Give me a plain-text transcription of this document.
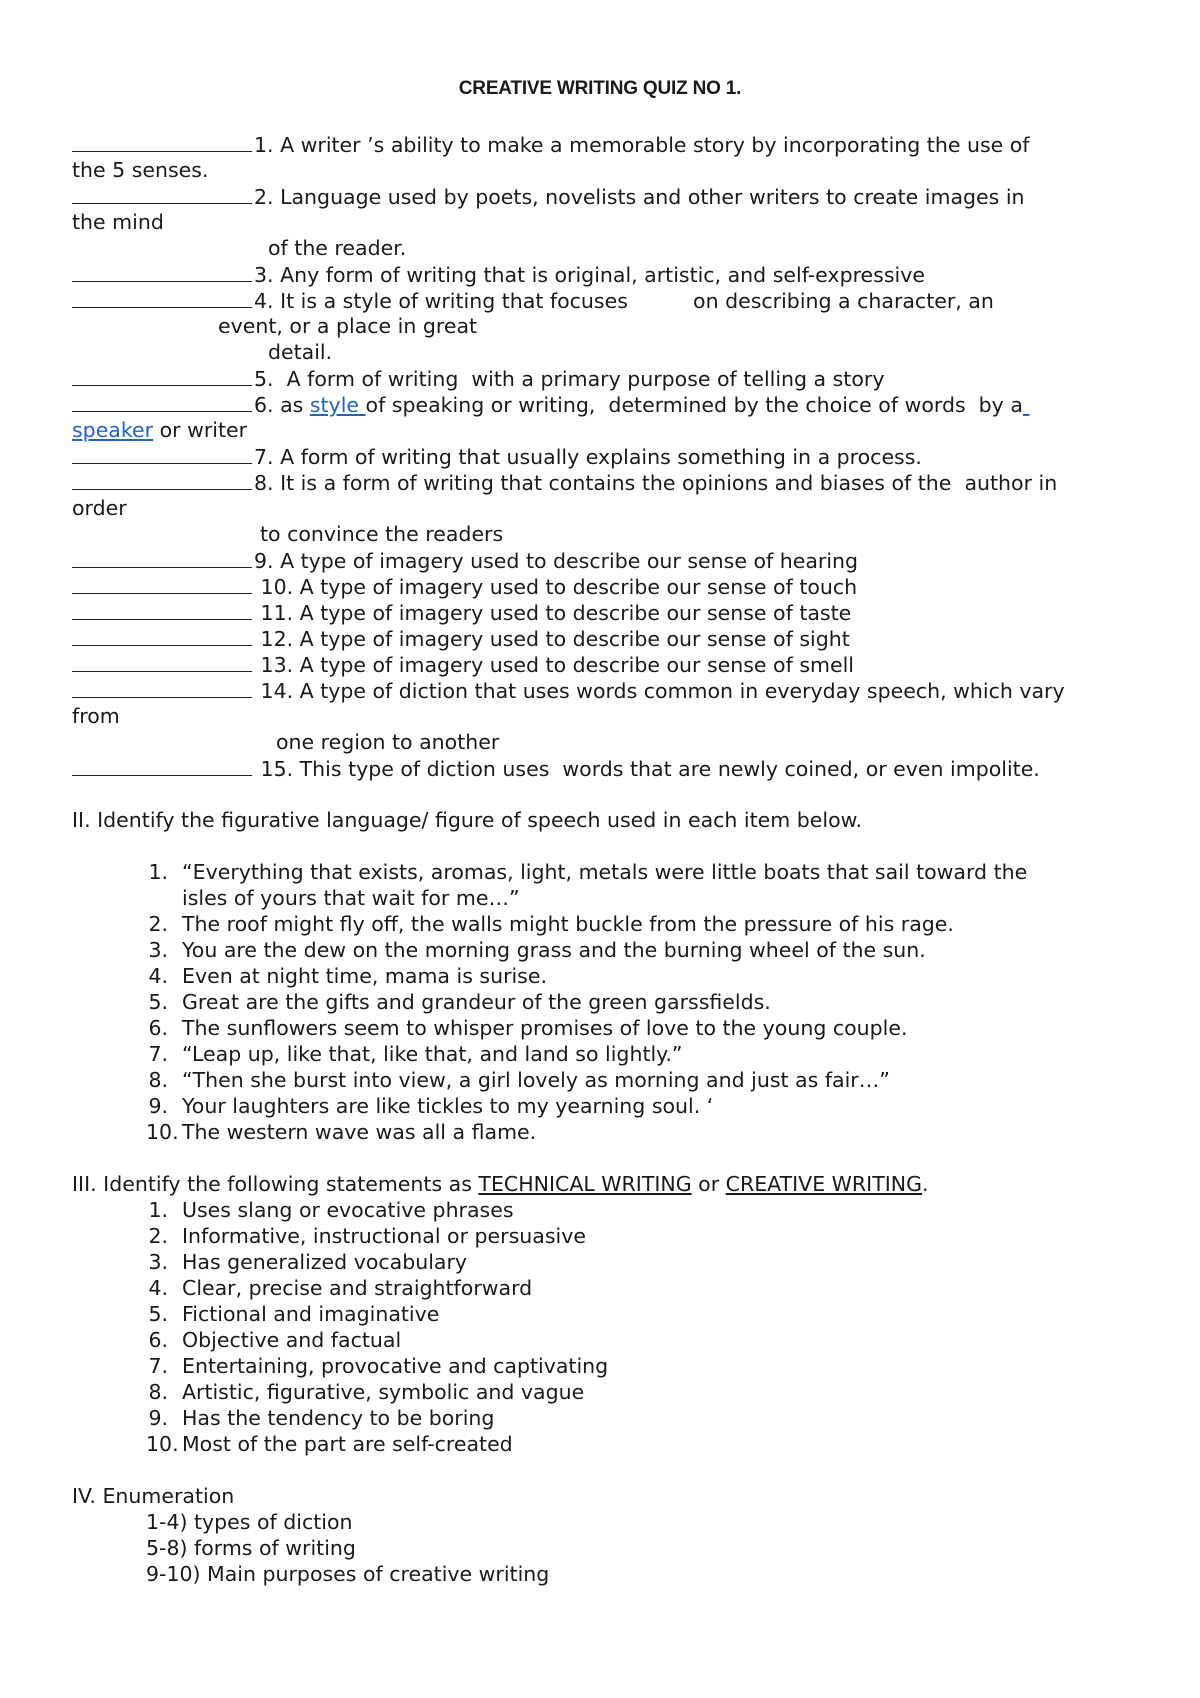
CREATIVE WRITING QUIZ NO 1.
1. A writer ’s ability to make a memorable story by incorporating the use of
the 5 senses.
2. Language used by poets, novelists and other writers to create images in
the mind
of the reader.
3. Any form of writing that is original, artistic, and self-expressive
4. It is a style of writing that focuses          on describing a character, an
event, or a place in great
detail.
5.  A form of writing  with a primary purpose of telling a story
6. as style of speaking or writing,  determined by the choice of words  by a
speaker or writer
7. A form of writing that usually explains something in a process.
8. It is a form of writing that contains the opinions and biases of the  author in
order
to convince the readers
9. A type of imagery used to describe our sense of hearing
10. A type of imagery used to describe our sense of touch
11. A type of imagery used to describe our sense of taste
12. A type of imagery used to describe our sense of sight
13. A type of imagery used to describe our sense of smell
14. A type of diction that uses words common in everyday speech, which vary
from
one region to another
15. This type of diction uses  words that are newly coined, or even impolite.
II. Identify the figurative language/ figure of speech used in each item below.
1. “Everything that exists, aromas, light, metals were little boats that sail toward the
isles of yours that wait for me…”
2. The roof might fly off, the walls might buckle from the pressure of his rage.
3. You are the dew on the morning grass and the burning wheel of the sun.
4. Even at night time, mama is surise.
5. Great are the gifts and grandeur of the green garssfields.
6. The sunflowers seem to whisper promises of love to the young couple.
7. “Leap up, like that, like that, and land so lightly.”
8. “Then she burst into view, a girl lovely as morning and just as fair…”
9. Your laughters are like tickles to my yearning soul. ‘
10. The western wave was all a flame.
III. Identify the following statements as TECHNICAL WRITING or CREATIVE WRITING.
1. Uses slang or evocative phrases
2. Informative, instructional or persuasive
3. Has generalized vocabulary
4. Clear, precise and straightforward
5. Fictional and imaginative
6. Objective and factual
7. Entertaining, provocative and captivating
8. Artistic, figurative, symbolic and vague
9. Has the tendency to be boring
10. Most of the part are self-created
IV. Enumeration
1-4) types of diction
5-8) forms of writing
9-10) Main purposes of creative writing
